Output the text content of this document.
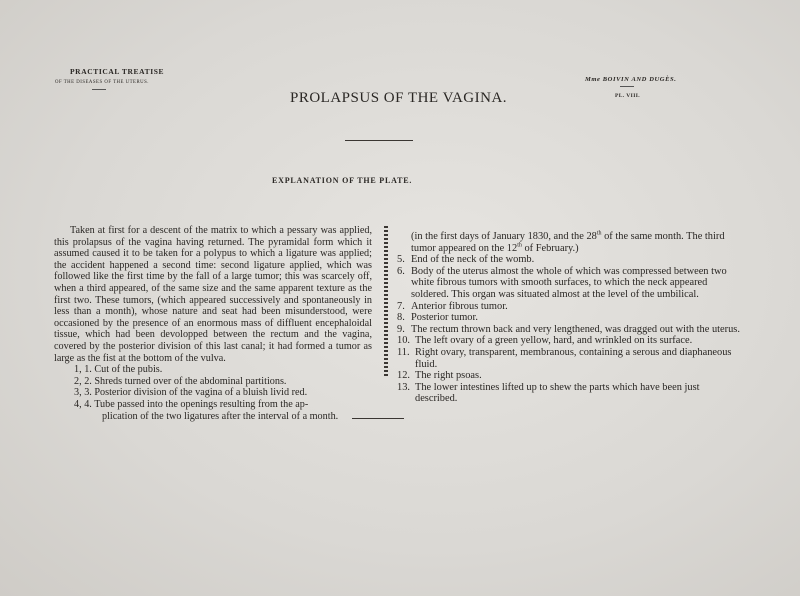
PRACTICAL TREATISE
OF THE DISEASES OF THE UTERUS.	Mme BOIVIN AND DUGÈS.
PL. VIII.
PROLAPSUS OF THE VAGINA.
EXPLANATION OF THE PLATE.

Taken at first for a descent of the matrix to which a pessary was applied, this prolapsus of the vagina having returned. The pyramidal form which it assumed caused it to be taken for a polypus to which a ligature was applied; the accident happened a second time: second ligature applied, which was followed like the first time by the fall of a large tumor; this was scarcely off, when a third appeared, of the same size and the same apparent texture as the first two. These tumors, (which appeared successively and spontaneously in less than a month), whose nature and seat had been misunderstood, were occasioned by the presence of an enormous mass of diffluent encephaloidal tissue, which had been devolopped between the rectum and the vagina, covered by the posterior division of this last canal; it had formed a tumor as large as the fist at the bottom of the vulva.

1, 1. Cut of the pubis.
2, 2. Shreds turned over of the abdominal partitions.
3, 3. Posterior division of the vagina of a bluish livid red.
4, 4. Tube passed into the openings resulting from the ap-
plication of the two ligatures after the interval of a month.
(in the first days of January 1830, and the 28th of the same month. The third tumor appeared on the 12th of February.)
5. End of the neck of the womb.
6. Body of the uterus almost the whole of which was compressed between two white fibrous tumors with smooth surfaces, to which the neck appeared soldered. This organ was situated almost at the level of the umbilical.
7. Anterior fibrous tumor.
8. Posterior tumor.
9. The rectum thrown back and very lengthened, was dragged out with the uterus.
10. The left ovary of a green yellow, hard, and wrinkled on its surface.
11. Right ovary, transparent, membranous, containing a serous and diaphaneous fluid.
12. The right psoas.
13. The lower intestines lifted up to shew the parts which have been just described.
